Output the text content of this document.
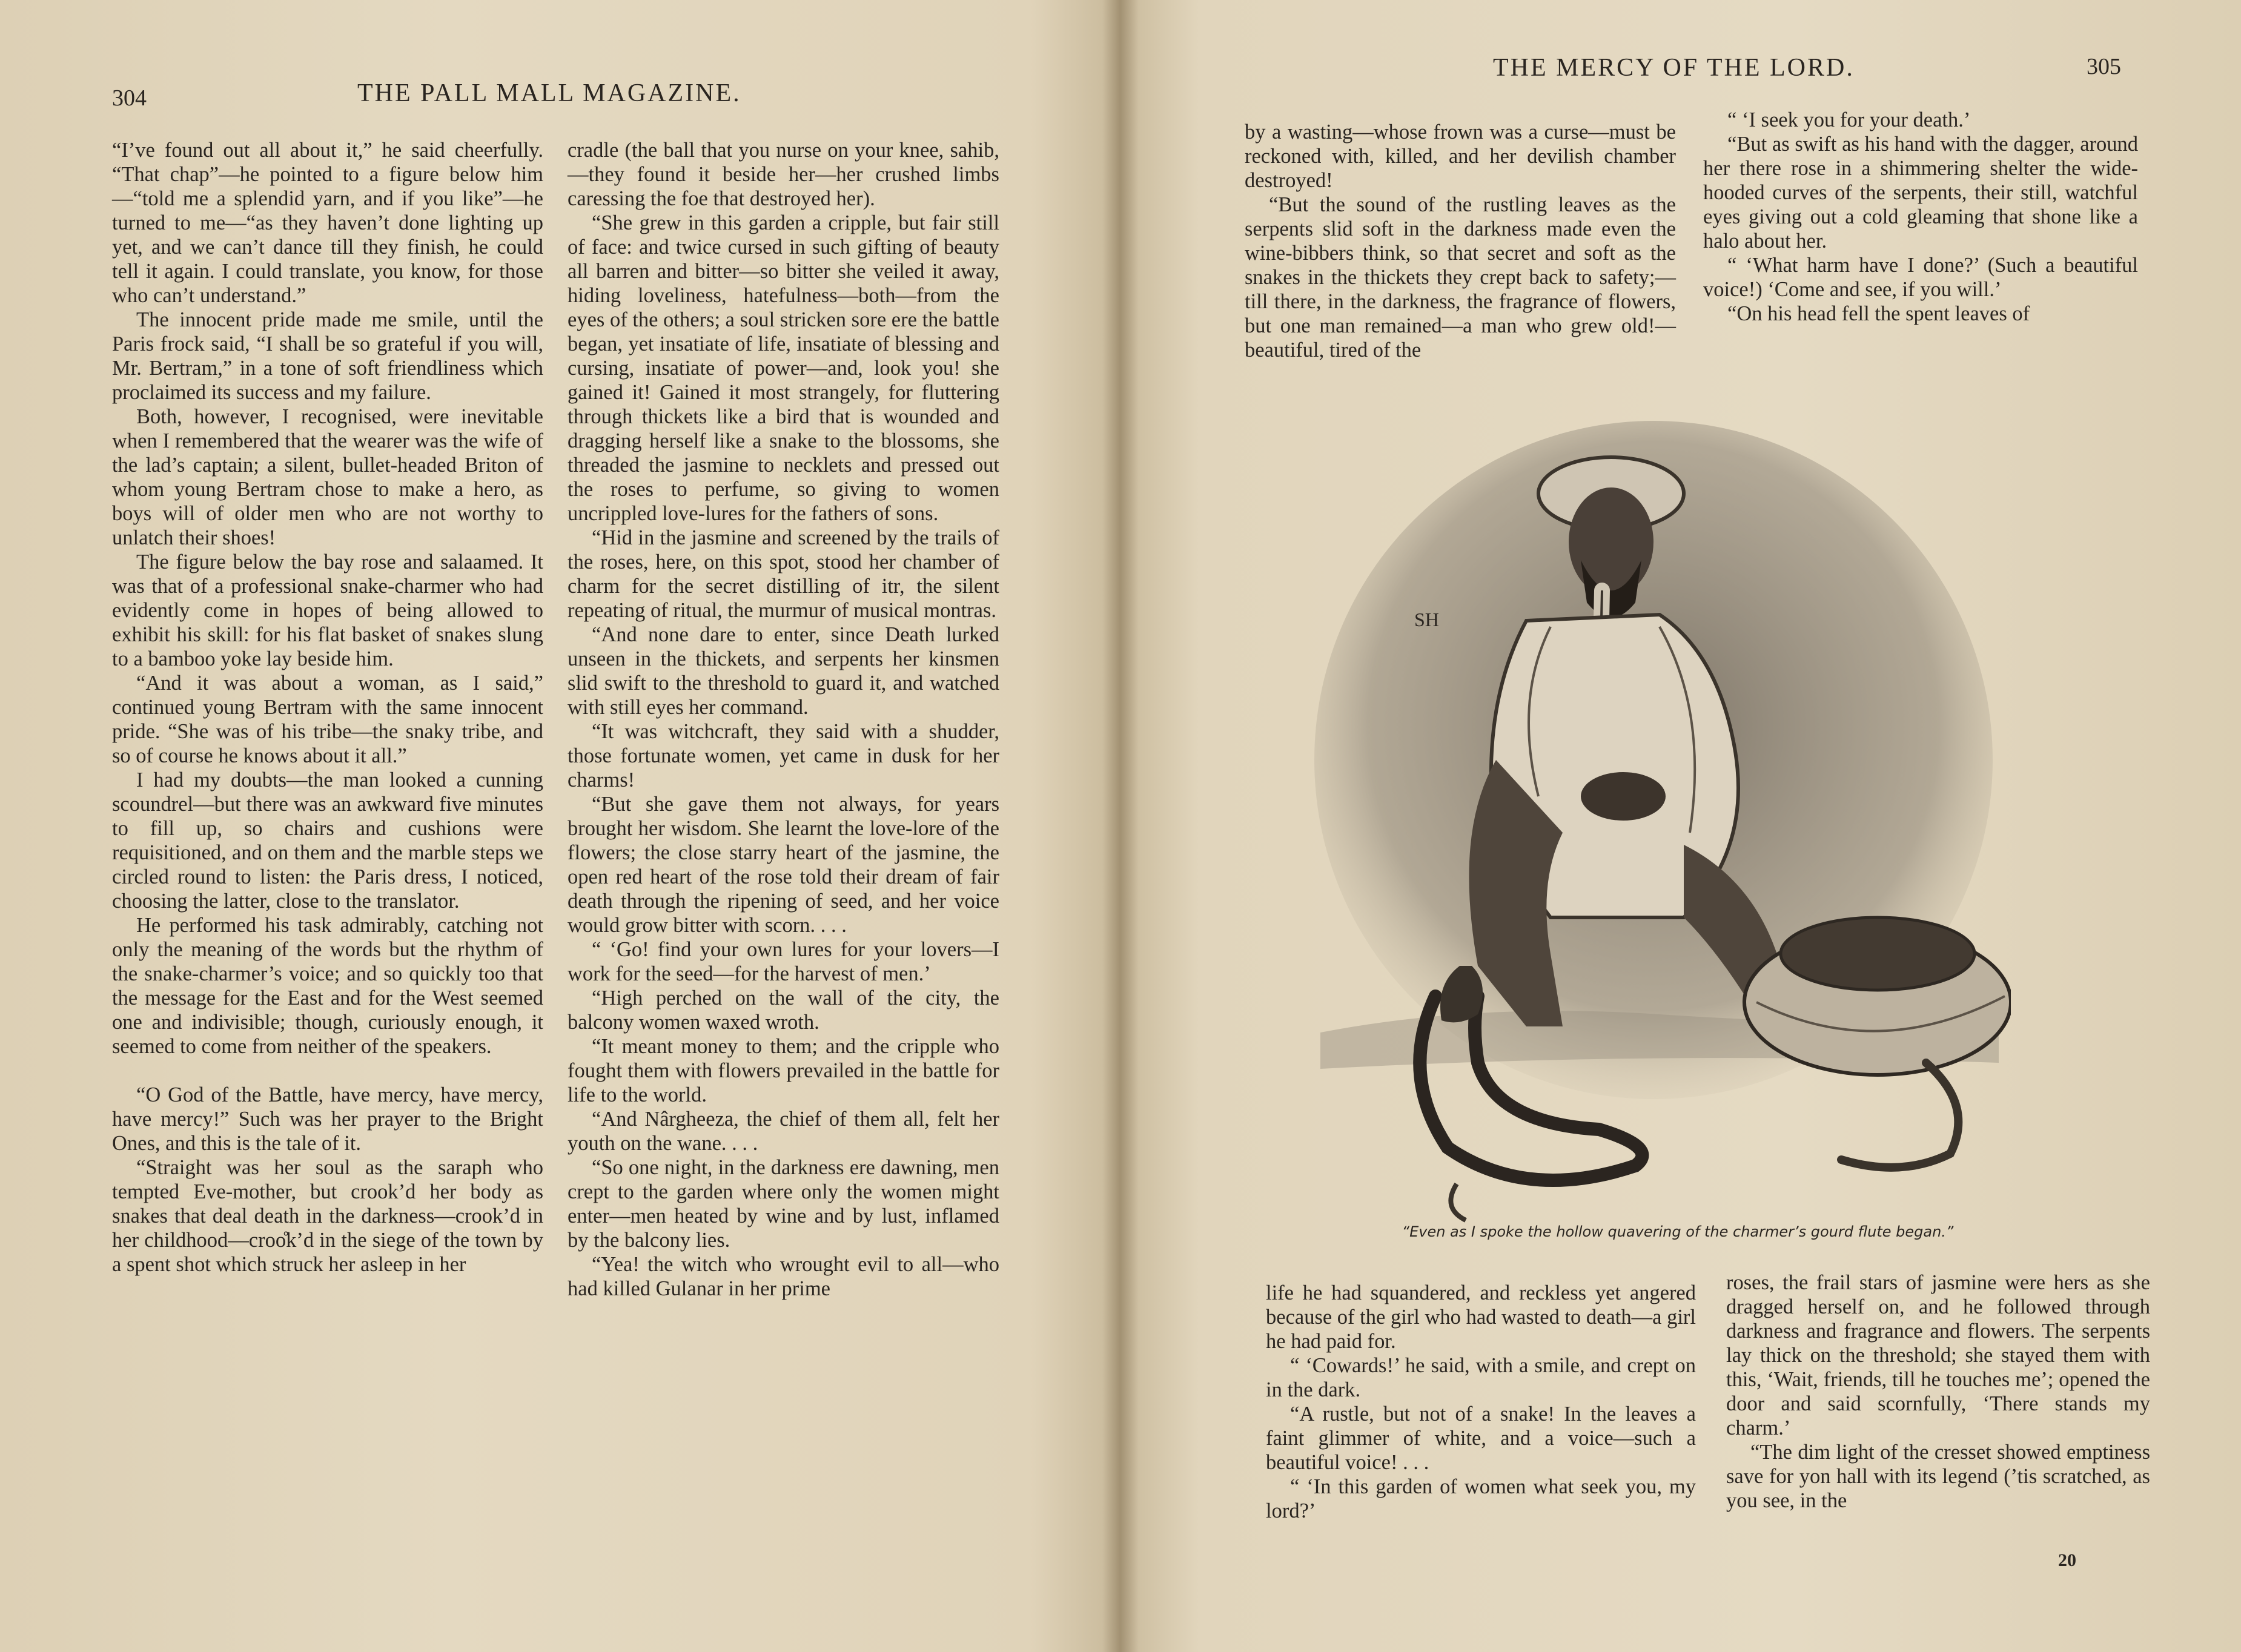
304	THE PALL MALL MAGAZINE.

“I’ve found out all about it,” he said cheerfully. “That chap”—he pointed to a figure below him—“told me a splendid yarn, and if you like”—he turned to me—“as they haven’t done lighting up yet, and we can’t dance till they finish, he could tell it again. I could translate, you know, for those who can’t understand.”

The innocent pride made me smile, until the Paris frock said, “I shall be so grateful if you will, Mr. Bertram,” in a tone of soft friendliness which proclaimed its success and my failure.

Both, however, I recognised, were inevitable when I remembered that the wearer was the wife of the lad’s captain; a silent, bullet-headed Briton of whom young Bertram chose to make a hero, as boys will of older men who are not worthy to unlatch their shoes!

The figure below the bay rose and salaamed. It was that of a professional snake-charmer who had evidently come in hopes of being allowed to exhibit his skill: for his flat basket of snakes slung to a bamboo yoke lay beside him.

“And it was about a woman, as I said,” continued young Bertram with the same innocent pride. “She was of his tribe—the snaky tribe, and so of course he knows about it all.”

I had my doubts—the man looked a cunning scoundrel—but there was an awkward five minutes to fill up, so chairs and cushions were requisitioned, and on them and the marble steps we circled round to listen: the Paris dress, I noticed, choosing the latter, close to the translator.

He performed his task admirably, catching not only the meaning of the words but the rhythm of the snake-charmer’s voice; and so quickly too that the message for the East and for the West seemed one and indivisible; though, curiously enough, it seemed to come from neither of the speakers.

“O God of the Battle, have mercy, have mercy, have mercy!” Such was her prayer to the Bright Ones, and this is the tale of it.

“Straight was her soul as the saraph who tempted Eve-mother, but crook’d her body as snakes that deal death in the darkness—crook’d in her childhood—croo̊k’d in the siege of the town by a spent shot which struck her asleep in her

cradle (the ball that you nurse on your knee, sahib,—they found it beside her—her crushed limbs caressing the foe that destroyed her).

“She grew in this garden a cripple, but fair still of face: and twice cursed in such gifting of beauty all barren and bitter—so bitter she veiled it away, hiding loveliness, hatefulness—both—from the eyes of the others; a soul stricken sore ere the battle began, yet insatiate of life, insatiate of blessing and cursing, insatiate of power—and, look you! she gained it! Gained it most strangely, for fluttering through thickets like a bird that is wounded and dragging herself like a snake to the blossoms, she threaded the jasmine to necklets and pressed out the roses to perfume, so giving to women uncrippled love-lures for the fathers of sons.

“Hid in the jasmine and screened by the trails of the roses, here, on this spot, stood her chamber of charm for the secret distilling of itr, the silent repeating of ritual, the murmur of musical montras.

“And none dare to enter, since Death lurked unseen in the thickets, and serpents her kinsmen slid swift to the threshold to guard it, and watched with still eyes her command.

“It was witchcraft, they said with a shudder, those fortunate women, yet came in dusk for her charms!

“But she gave them not always, for years brought her wisdom. She learnt the love-lore of the flowers; the close starry heart of the jasmine, the open red heart of the rose told their dream of fair death through the ripening of seed, and her voice would grow bitter with scorn. . . .

“ ‘Go! find your own lures for your lovers—I work for the seed—for the harvest of men.’

“High perched on the wall of the city, the balcony women waxed wroth.

“It meant money to them; and the cripple who fought them with flowers prevailed in the battle for life to the world.

“And Nârgheeza, the chief of them all, felt her youth on the wane. . . .

“So one night, in the darkness ere dawning, men crept to the garden where only the women might enter—men heated by wine and by lust, inflamed by the balcony lies.

“Yea! the witch who wrought evil to all—who had killed Gulanar in her prime

THE MERCY OF THE LORD.	305

by a wasting—whose frown was a curse—must be reckoned with, killed, and her devilish chamber destroyed!

“But the sound of the rustling leaves as the serpents slid soft in the darkness made even the wine-bibbers think, so that secret and soft as the snakes in the thickets they crept back to safety;—till there, in the darkness, the fragrance of flowers, but one man remained—a man who grew old!—beautiful, tired of the

“ ‘I seek you for your death.’

“But as swift as his hand with the dagger, around her there rose in a shimmering shelter the wide-hooded curves of the serpents, their still, watchful eyes giving out a cold gleaming that shone like a halo about her.

“ ‘What harm have I done?’ (Such a beautiful voice!) ‘Come and see, if you will.’

“On his head fell the spent leaves of

life he had squandered, and reckless yet angered because of the girl who had wasted to death—a girl he had paid for.

“ ‘Cowards!’ he said, with a smile, and crept on in the dark.

“A rustle, but not of a snake! In the leaves a faint glimmer of white, and a voice—such a beautiful voice! . . .

“ ‘In this garden of women what seek you, my lord?’

roses, the frail stars of jasmine were hers as she dragged herself on, and he followed through darkness and fragrance and flowers. The serpents lay thick on the threshold; she stayed them with this, ‘Wait, friends, till he touches me’; opened the door and said scornfully, ‘There stands my charm.’

“The dim light of the cresset showed emptiness save for yon hall with its legend (’tis scratched, as you see, in the

20
SH
“Even as I spoke the hollow quavering of the charmer’s gourd flute began.”
